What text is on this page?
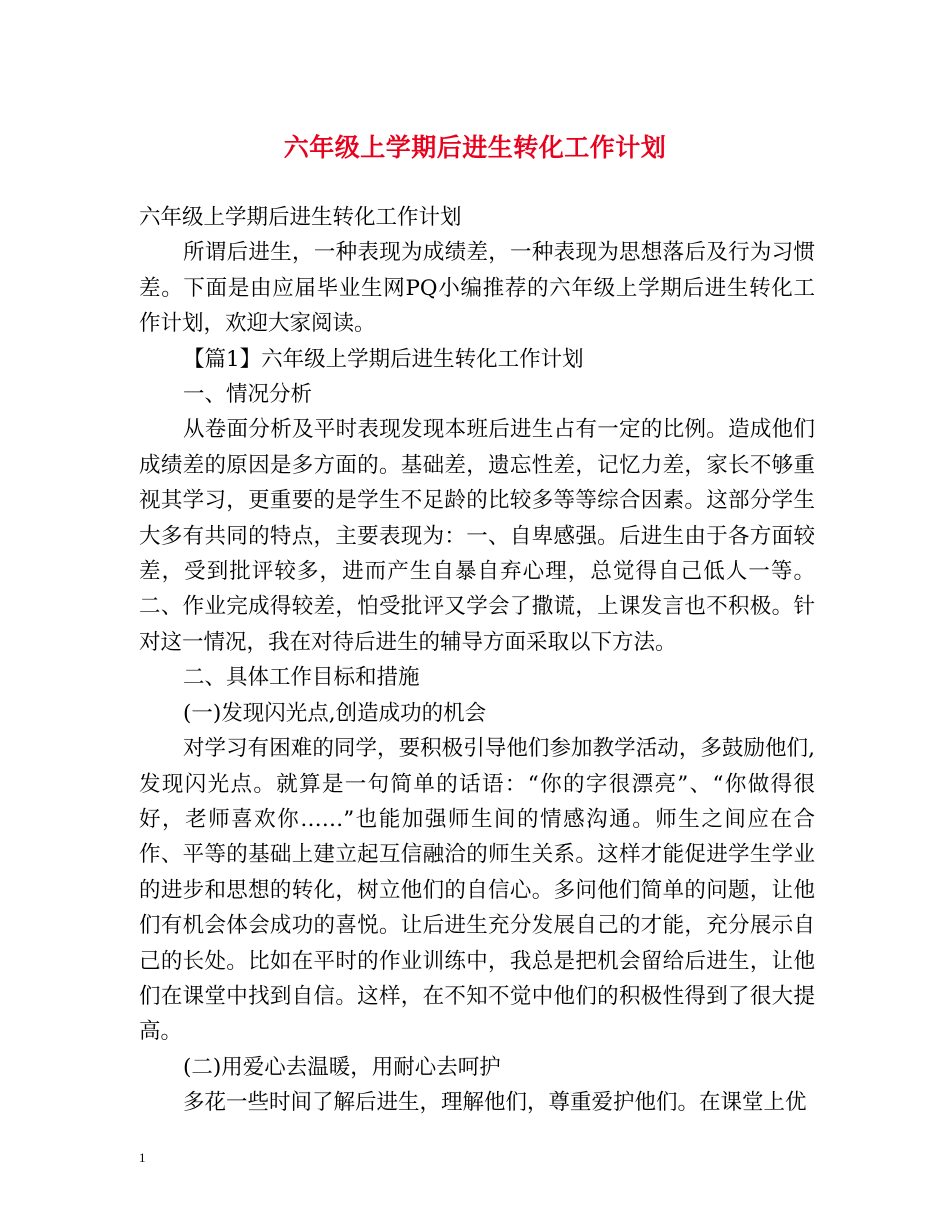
六年级上学期后进生转化工作计划

六年级上学期后进生转化工作计划

所谓后进生，一种表现为成绩差，一种表现为思想落后及行为习惯差。下面是由应届毕业生网PQ小编推荐的六年级上学期后进生转化工作计划，欢迎大家阅读。

【篇1】六年级上学期后进生转化工作计划

一、情况分析

从卷面分析及平时表现发现本班后进生占有一定的比例。造成他们成绩差的原因是多方面的。基础差，遗忘性差，记忆力差，家长不够重视其学习，更重要的是学生不足龄的比较多等等综合因素。这部分学生大多有共同的特点，主要表现为：一、自卑感强。后进生由于各方面较差，受到批评较多，进而产生自暴自弃心理，总觉得自己低人一等。二、作业完成得较差，怕受批评又学会了撒谎，上课发言也不积极。针对这一情况，我在对待后进生的辅导方面采取以下方法。

二、具体工作目标和措施

(一)发现闪光点,创造成功的机会

对学习有困难的同学，要积极引导他们参加教学活动，多鼓励他们,发现闪光点。就算是一句简单的话语：“你的字很漂亮”、“你做得很好，老师喜欢你……”也能加强师生间的情感沟通。师生之间应在合作、平等的基础上建立起互信融洽的师生关系。这样才能促进学生学业的进步和思想的转化，树立他们的自信心。多问他们简单的问题，让他们有机会体会成功的喜悦。让后进生充分发展自己的才能，充分展示自己的长处。比如在平时的作业训练中，我总是把机会留给后进生，让他们在课堂中找到自信。这样，在不知不觉中他们的积极性得到了很大提高。

(二)用爱心去温暖，用耐心去呵护

多花一些时间了解后进生，理解他们，尊重爱护他们。在课堂上优

1
